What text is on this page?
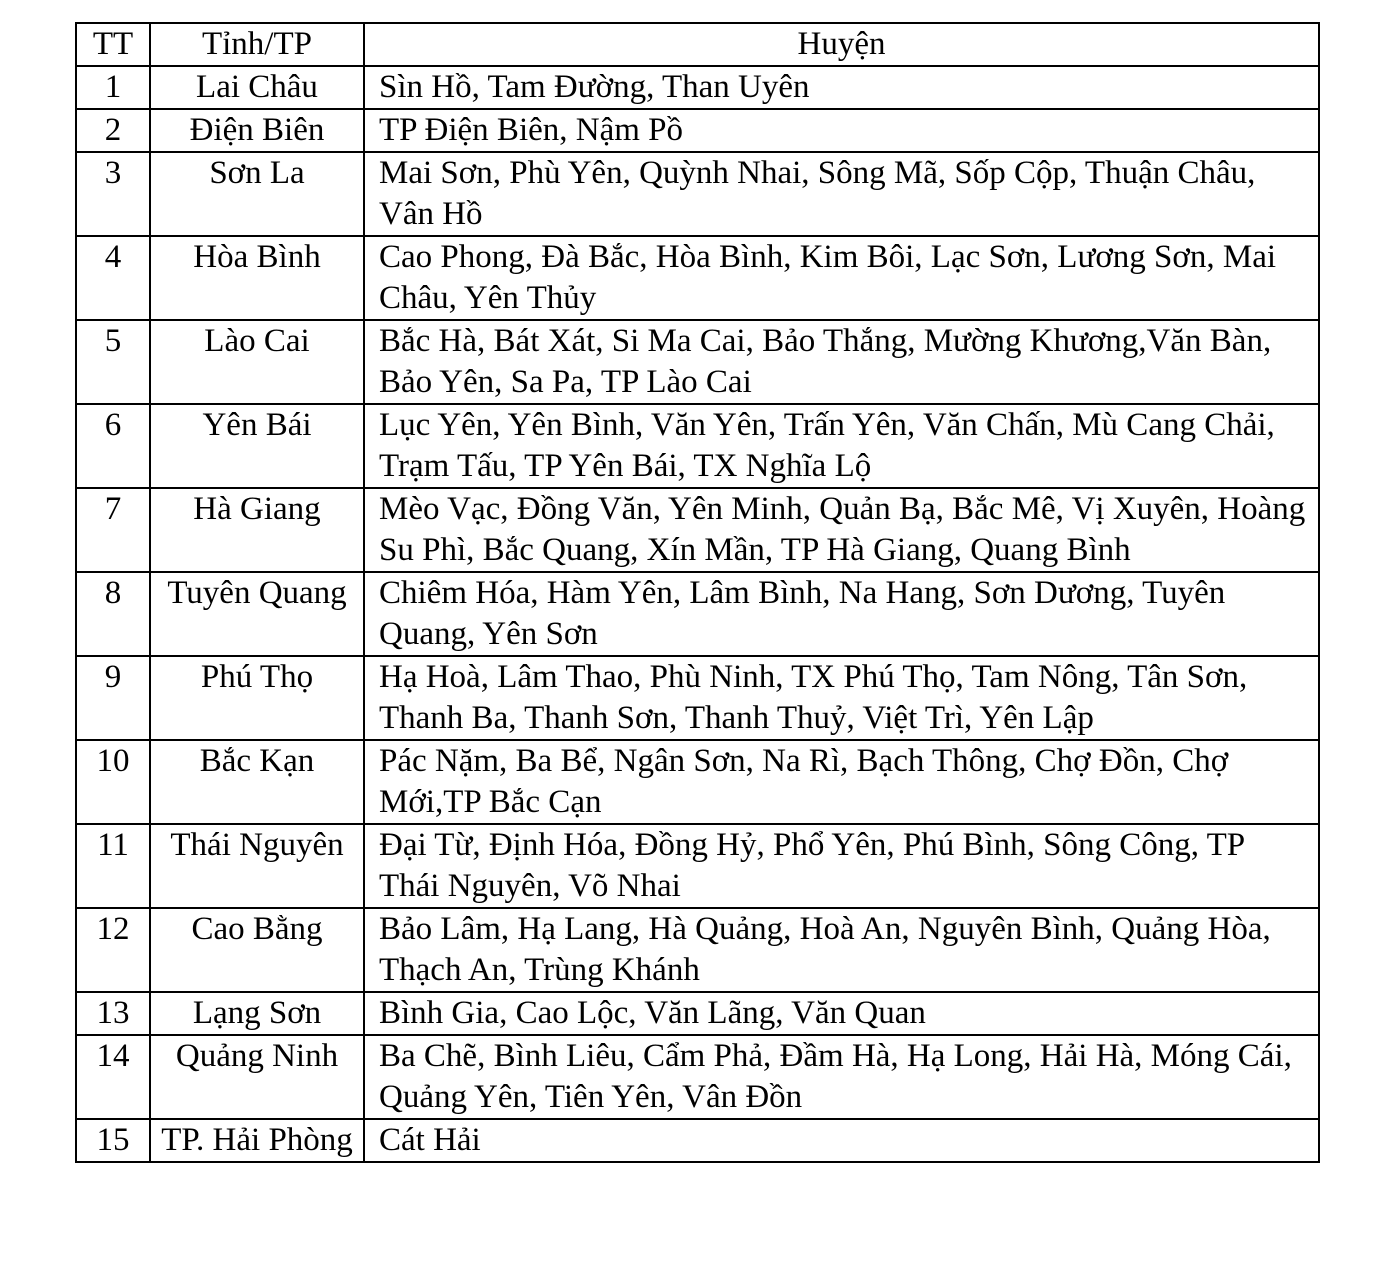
TT	Tỉnh/TP	Huyện
1	Lai Châu	Sìn Hồ, Tam Đường, Than Uyên
2	Điện Biên	TP Điện Biên, Nậm Pồ
3	Sơn La	Mai Sơn, Phù Yên, Quỳnh Nhai, Sông Mã, Sốp Cộp, Thuận Châu, Vân Hồ
4	Hòa Bình	Cao Phong, Đà Bắc, Hòa Bình, Kim Bôi, Lạc Sơn, Lương Sơn, Mai Châu, Yên Thủy
5	Lào Cai	Bắc Hà, Bát Xát, Si Ma Cai, Bảo Thắng, Mường Khương,Văn Bàn, Bảo Yên, Sa Pa, TP Lào Cai
6	Yên Bái	Lục Yên, Yên Bình, Văn Yên, Trấn Yên, Văn Chấn, Mù Cang Chải, Trạm Tấu, TP Yên Bái, TX Nghĩa Lộ
7	Hà Giang	Mèo Vạc, Đồng Văn, Yên Minh, Quản Bạ, Bắc Mê, Vị Xuyên, Hoàng Su Phì, Bắc Quang, Xín Mần, TP Hà Giang, Quang Bình
8	Tuyên Quang	Chiêm Hóa, Hàm Yên, Lâm Bình, Na Hang, Sơn Dương, Tuyên Quang, Yên Sơn
9	Phú Thọ	Hạ Hoà, Lâm Thao, Phù Ninh, TX Phú Thọ, Tam Nông, Tân Sơn, Thanh Ba, Thanh Sơn, Thanh Thuỷ, Việt Trì, Yên Lập
10	Bắc Kạn	Pác Nặm, Ba Bể, Ngân Sơn, Na Rì, Bạch Thông, Chợ Đồn, Chợ Mới,TP Bắc Cạn
11	Thái Nguyên	Đại Từ, Định Hóa, Đồng Hỷ, Phổ Yên, Phú Bình, Sông Công, TP Thái Nguyên, Võ Nhai
12	Cao Bằng	Bảo Lâm, Hạ Lang, Hà Quảng, Hoà An, Nguyên Bình, Quảng Hòa, Thạch An, Trùng Khánh
13	Lạng Sơn	Bình Gia, Cao Lộc, Văn Lãng, Văn Quan
14	Quảng Ninh	Ba Chẽ, Bình Liêu, Cẩm Phả, Đầm Hà, Hạ Long, Hải Hà, Móng Cái, Quảng Yên, Tiên Yên, Vân Đồn
15	TP. Hải Phòng	Cát Hải
